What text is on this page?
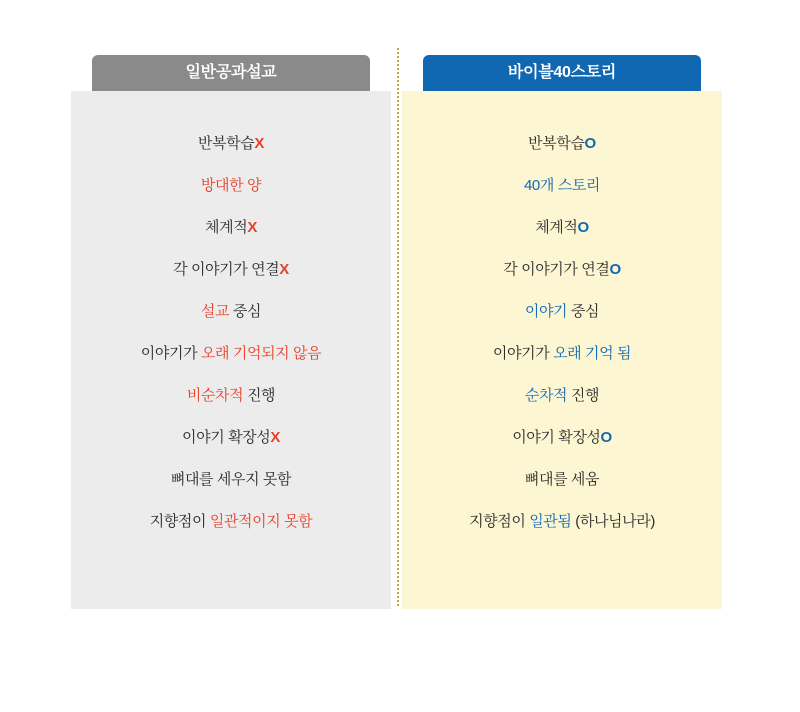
일반공과설교
반복학습X
방대한 양
체계적X
각 이야기가 연결X
설교 중심
이야기가 오래 기억되지 않음
비순차적 진행
이야기 확장성X
뼈대를 세우지 못함
지향점이 일관적이지 못함
바이블40스토리
반복학습O
40개 스토리
체계적O
각 이야기가 연결O
이야기 중심
이야기가 오래 기억 됨
순차적 진행
이야기 확장성O
뼈대를 세움
지향점이 일관됨 (하나님나라)
